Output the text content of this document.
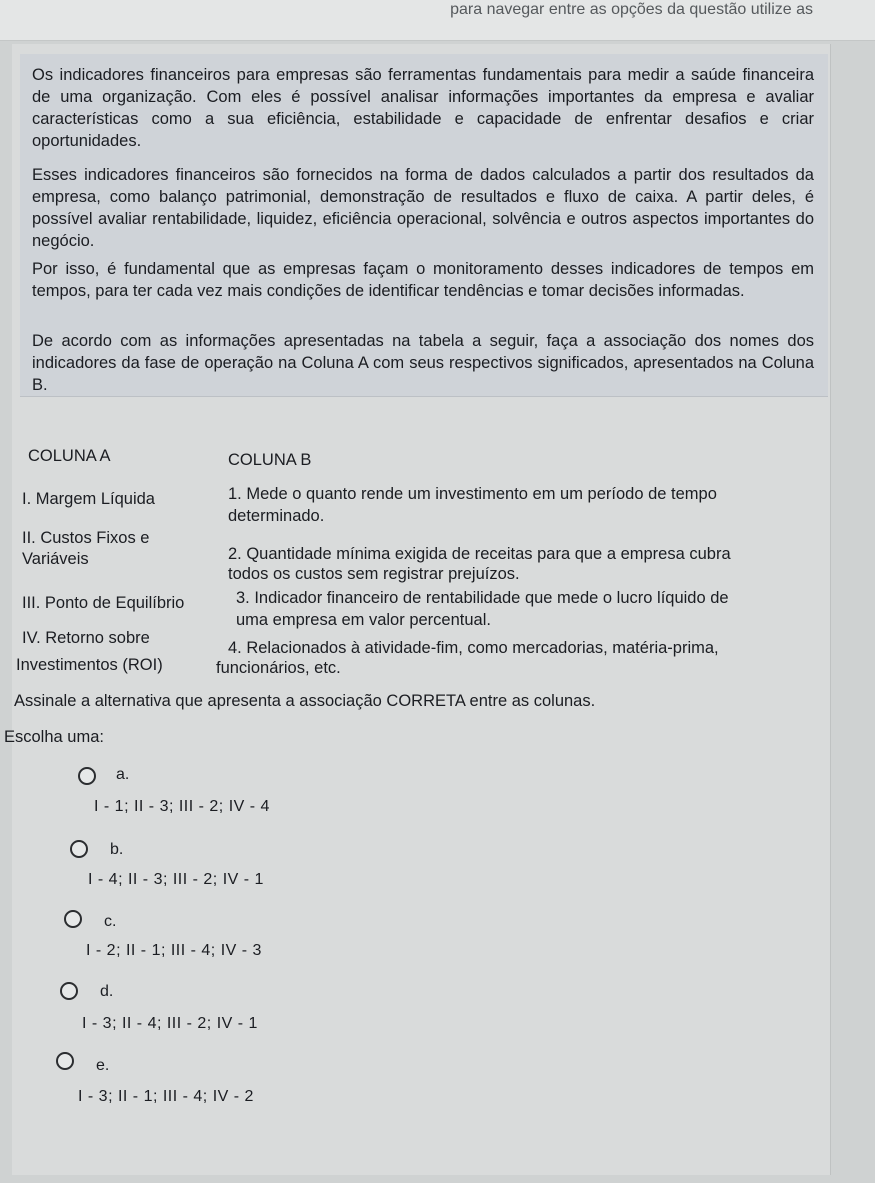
para navegar entre as opções da questão utilize as

Os indicadores financeiros para empresas são ferramentas fundamentais para medir a saúde financeira de uma organização. Com eles é possível analisar informações importantes da empresa e avaliar características como a sua eficiência, estabilidade e capacidade de enfrentar desafios e criar oportunidades.

Esses indicadores financeiros são fornecidos na forma de dados calculados a partir dos resultados da empresa, como balanço patrimonial, demonstração de resultados e fluxo de caixa. A partir deles, é possível avaliar rentabilidade, liquidez, eficiência operacional, solvência e outros aspectos importantes do negócio.

Por isso, é fundamental que as empresas façam o monitoramento desses indicadores de tempos em tempos, para ter cada vez mais condições de identificar tendências e tomar decisões informadas.

De acordo com as informações apresentadas na tabela a seguir, faça a associação dos nomes dos indicadores da fase de operação na Coluna A com seus respectivos significados, apresentados na Coluna B.

COLUNA A	COLUNA B

I. Margem Líquida

II. Custos Fixos e

Variáveis

III. Ponto de Equilíbrio

IV. Retorno sobre

Investimentos (ROI)

1. Mede o quanto rende um investimento em um período de tempo

determinado.

2. Quantidade mínima exigida de receitas para que a empresa cubra

todos os custos sem registrar prejuízos.

3. Indicador financeiro de rentabilidade que mede o lucro líquido de

uma empresa em valor percentual.

4. Relacionados à atividade-fim, como mercadorias, matéria-prima,

funcionários, etc.

Assinale a alternativa que apresenta a associação CORRETA entre as colunas.

Escolha uma:

a.
I - 1; II - 3; III - 2; IV - 4
b.
I - 4; II - 3; III - 2; IV - 1
c.
I - 2; II - 1; III - 4; IV - 3
d.
I - 3; II - 4; III - 2; IV - 1
e.
I - 3; II - 1; III - 4; IV - 2
